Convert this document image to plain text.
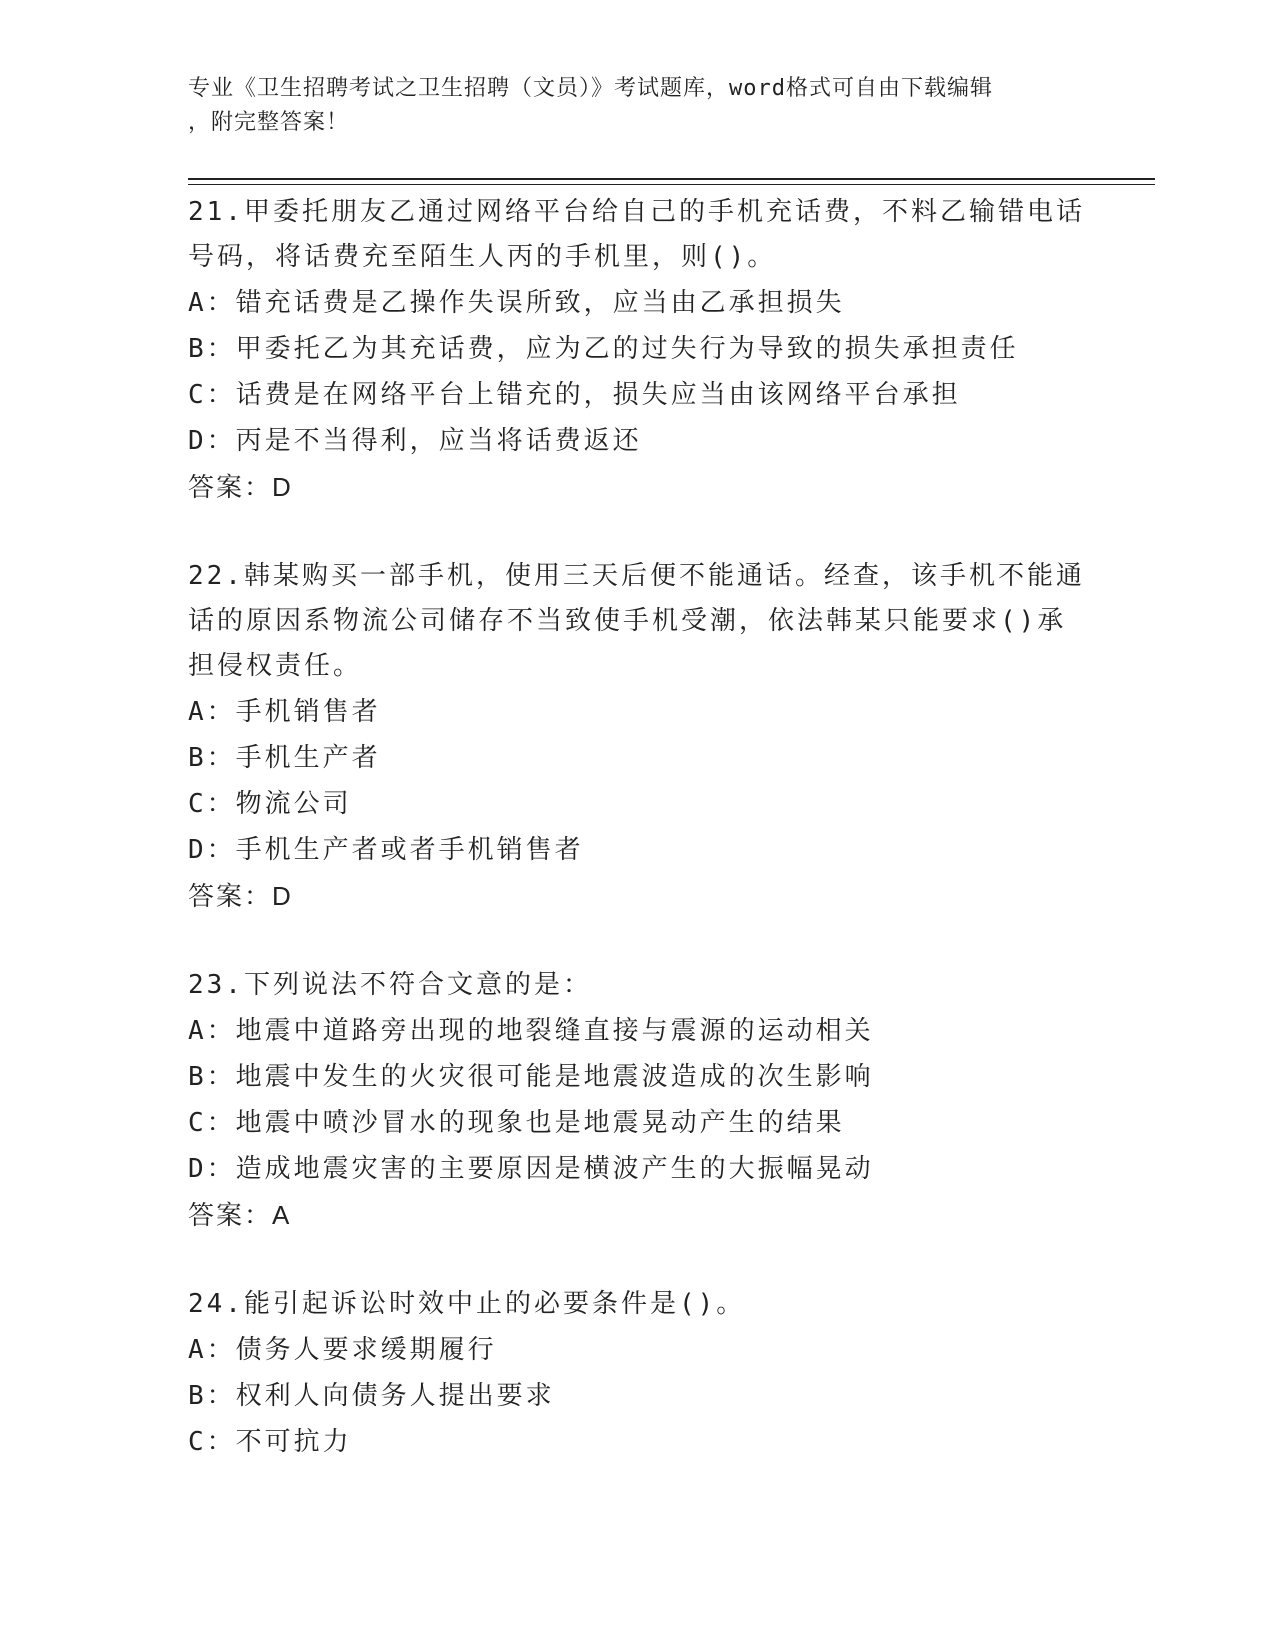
专业《卫生招聘考试之卫生招聘（文员）》考试题库，word格式可自由下载编辑
，附完整答案！
21.甲委托朋友乙通过网络平台给自己的手机充话费，不料乙输错电话号码，将话费充至陌生人丙的手机里，则()。
A：错充话费是乙操作失误所致，应当由乙承担损失
B：甲委托乙为其充话费，应为乙的过失行为导致的损失承担责任
C：话费是在网络平台上错充的，损失应当由该网络平台承担
D：丙是不当得利，应当将话费返还
答案：D
22.韩某购买一部手机，使用三天后便不能通话。经查，该手机不能通话的原因系物流公司储存不当致使手机受潮，依法韩某只能要求()承担侵权责任。
A：手机销售者
B：手机生产者
C：物流公司
D：手机生产者或者手机销售者
答案：D
23.下列说法不符合文意的是：
A：地震中道路旁出现的地裂缝直接与震源的运动相关
B：地震中发生的火灾很可能是地震波造成的次生影响
C：地震中喷沙冒水的现象也是地震晃动产生的结果
D：造成地震灾害的主要原因是横波产生的大振幅晃动
答案：A
24.能引起诉讼时效中止的必要条件是()。
A：债务人要求缓期履行
B：权利人向债务人提出要求
C：不可抗力
